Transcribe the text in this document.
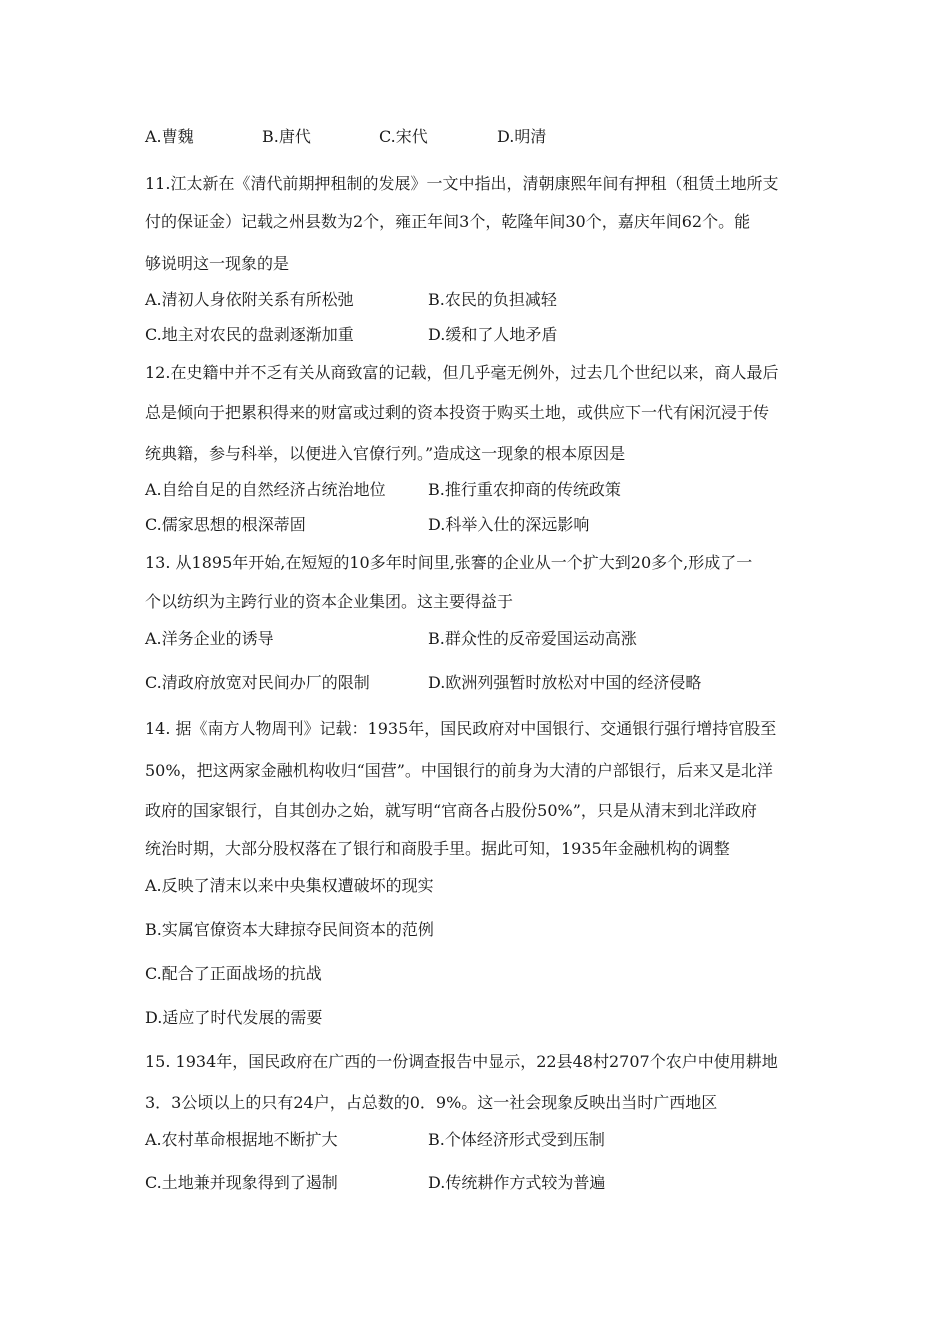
A.曹魏	B.唐代	C.宋代	D.明清
11.江太新在《清代前期押租制的发展》一文中指出，清朝康熙年间有押租（租赁土地所支
付的保证金）记载之州县数为2个，雍正年间3个，乾隆年间30个，嘉庆年间62个。能
够说明这一现象的是
A.清初人身依附关系有所松弛	B.农民的负担减轻
C.地主对农民的盘剥逐渐加重	D.缓和了人地矛盾
12.在史籍中并不乏有关从商致富的记载，但几乎毫无例外，过去几个世纪以来，商人最后
总是倾向于把累积得来的财富或过剩的资本投资于购买土地，或供应下一代有闲沉浸于传
统典籍，参与科举，以便进入官僚行列。”造成这一现象的根本原因是
A.自给自足的自然经济占统治地位	B.推行重农抑商的传统政策
C.儒家思想的根深蒂固	D.科举入仕的深远影响
13. 从1895年开始,在短短的10多年时间里,张謇的企业从一个扩大到20多个,形成了一
个以纺织为主跨行业的资本企业集团。这主要得益于
A.洋务企业的诱导	B.群众性的反帝爱国运动高涨
C.清政府放宽对民间办厂的限制	D.欧洲列强暂时放松对中国的经济侵略
14. 据《南方人物周刊》记载：1935年，国民政府对中国银行、交通银行强行增持官股至
50%，把这两家金融机构收归“国营”。中国银行的前身为大清的户部银行，后来又是北洋
政府的国家银行，自其创办之始，就写明“官商各占股份50%”，只是从清末到北洋政府
统治时期，大部分股权落在了银行和商股手里。据此可知，1935年金融机构的调整
A.反映了清末以来中央集权遭破坏的现实
B.实属官僚资本大肆掠夺民间资本的范例
C.配合了正面战场的抗战
D.适应了时代发展的需要
15. 1934年，国民政府在广西的一份调查报告中显示，22县48村2707个农户中使用耕地
3．3公顷以上的只有24户，占总数的0．9%。这一社会现象反映出当时广西地区
A.农村革命根据地不断扩大	B.个体经济形式受到压制
C.土地兼并现象得到了遏制	D.传统耕作方式较为普遍
